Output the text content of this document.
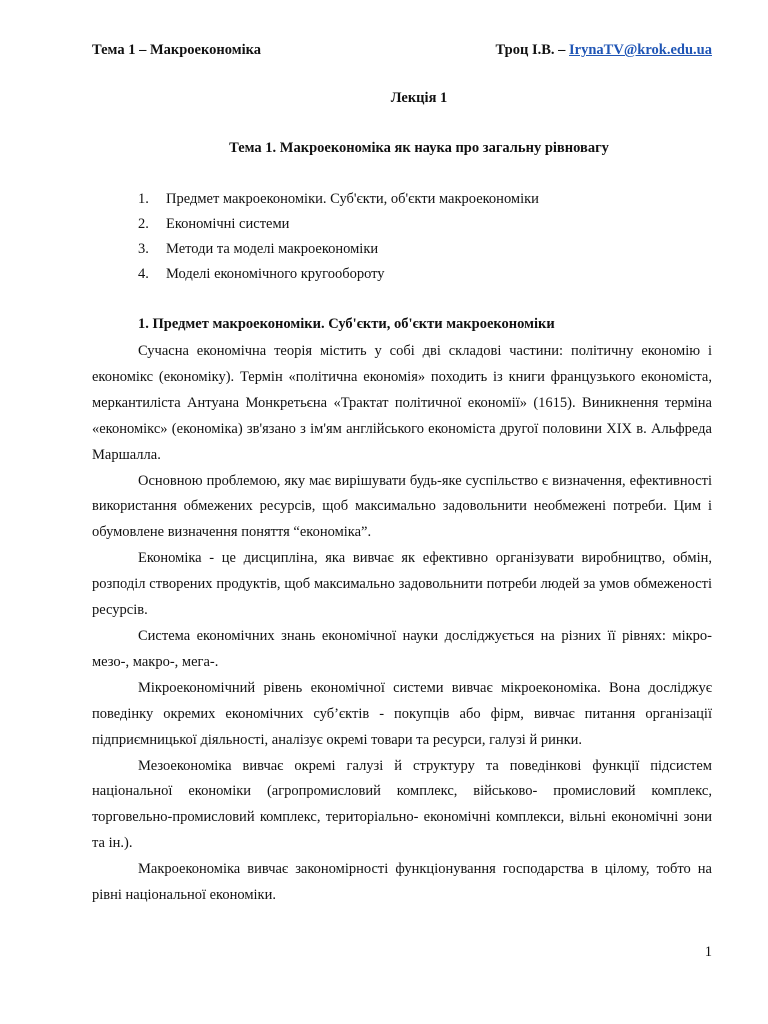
Тема 1 – Макроекономіка	Троц І.В. – IrynaTV@krok.edu.ua
Лекція 1
Тема 1. Макроекономіка як наука про загальну рівновагу
1.	Предмет макроекономіки. Суб'єкти, об'єкти макроекономіки
2.	Економічні системи
3.	Методи та моделі макроекономіки
4.	Моделі економічного кругообороту
1. Предмет макроекономіки. Суб'єкти, об'єкти макроекономіки

Сучасна економічна теорія містить у собі дві складові частини: політичну економію і економікс (економіку). Термін «політична економія» походить із книги французького економіста, меркантиліста Антуана Монкретьєна «Трактат політичної економії» (1615). Виникнення терміна «економікс» (економіка) зв'язано з ім'ям англійського економіста другої половини XIX в. Альфреда Маршалла.

Основною проблемою, яку має вирішувати будь-яке суспільство є визначення, ефективності використання обмежених ресурсів, щоб максимально задовольнити необмежені потреби. Цим і обумовлене визначення поняття “економіка”.

Економіка - це дисципліна, яка вивчає як ефективно організувати виробництво, обмін, розподіл створених продуктів, щоб максимально задовольнити потреби людей за умов обмеженості ресурсів.

Система економічних знань економічної науки досліджується на різних її рівнях: мікро-мезо-, макро-, мега-.

Мікроекономічний рівень економічної системи вивчає мікроекономіка. Вона досліджує поведінку окремих економічних суб’єктів - покупців або фірм, вивчає питання організації підприємницької діяльності, аналізує окремі товари та ресурси, галузі й ринки.

Мезоекономіка вивчає окремі галузі й структуру та поведінкові функції підсистем національної економіки (агропромисловий комплекс, військово- промисловий комплекс, торговельно-промисловий комплекс, територіально- економічні комплекси, вільні економічні зони та ін.).

Макроекономіка вивчає закономірності функціонування господарства в цілому, тобто на рівні національної економіки.

1
